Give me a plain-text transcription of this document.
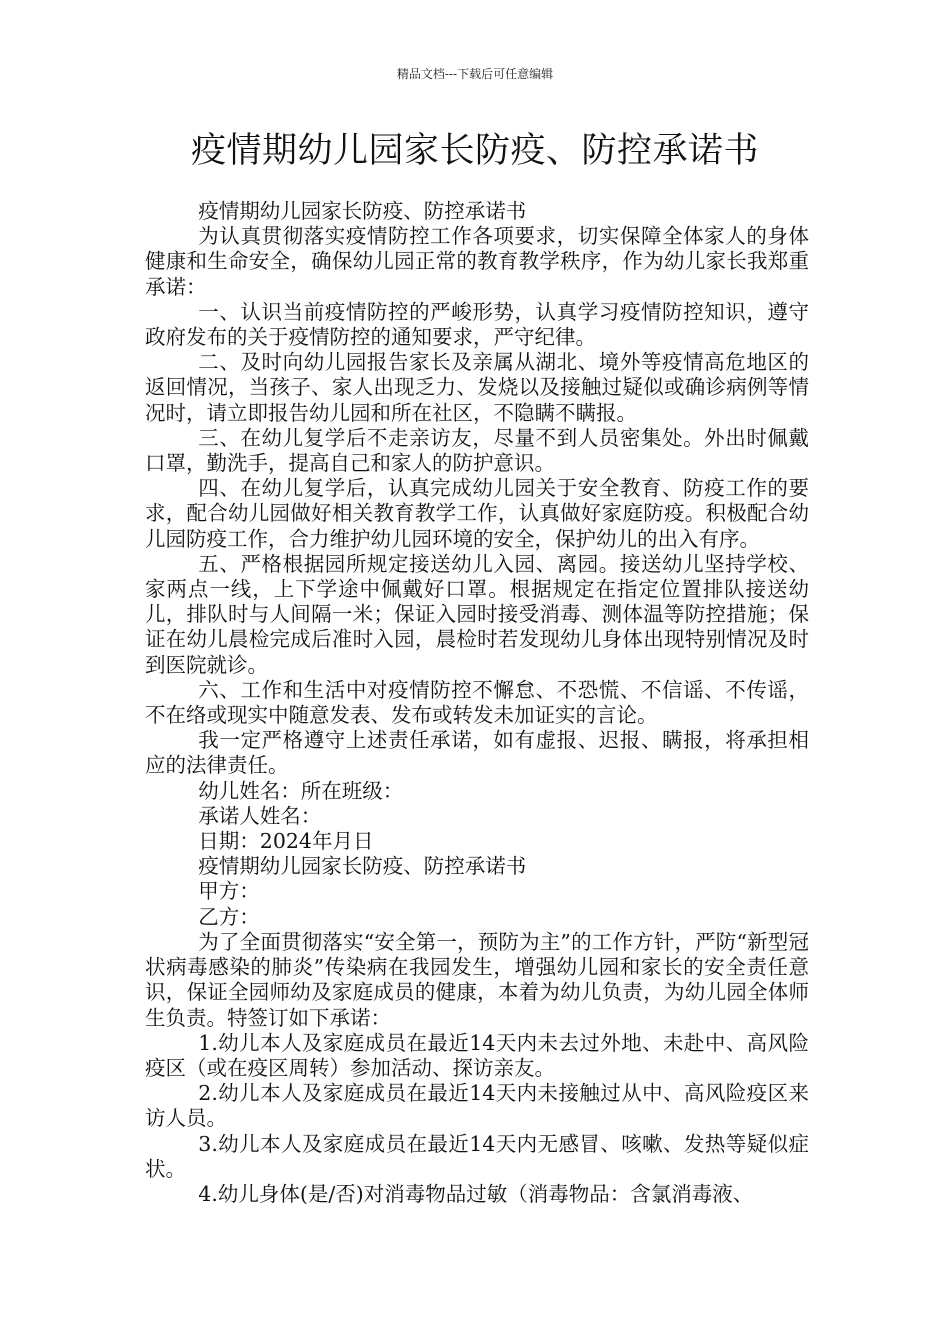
精品文档---下载后可任意编辑
疫情期幼儿园家长防疫、防控承诺书

疫情期幼儿园家长防疫、防控承诺书

为认真贯彻落实疫情防控工作各项要求，切实保障全体家人的身体健康和生命安全，确保幼儿园正常的教育教学秩序，作为幼儿家长我郑重承诺：

一、认识当前疫情防控的严峻形势，认真学习疫情防控知识，遵守政府发布的关于疫情防控的通知要求，严守纪律。

二、及时向幼儿园报告家长及亲属从湖北、境外等疫情高危地区的返回情况，当孩子、家人出现乏力、发烧以及接触过疑似或确诊病例等情况时，请立即报告幼儿园和所在社区，不隐瞒不瞒报。

三、在幼儿复学后不走亲访友，尽量不到人员密集处。外出时佩戴口罩，勤洗手，提高自己和家人的防护意识。

四、在幼儿复学后，认真完成幼儿园关于安全教育、防疫工作的要求，配合幼儿园做好相关教育教学工作，认真做好家庭防疫。积极配合幼儿园防疫工作，合力维护幼儿园环境的安全，保护幼儿的出入有序。

五、严格根据园所规定接送幼儿入园、离园。接送幼儿坚持学校、家两点一线，上下学途中佩戴好口罩。根据规定在指定位置排队接送幼儿，排队时与人间隔一米；保证入园时接受消毒、测体温等防控措施；保证在幼儿晨检完成后准时入园，晨检时若发现幼儿身体出现特别情况及时到医院就诊。

六、工作和生活中对疫情防控不懈怠、不恐慌、不信谣、不传谣，不在络或现实中随意发表、发布或转发未加证实的言论。

我一定严格遵守上述责任承诺，如有虚报、迟报、瞒报，将承担相应的法律责任。

幼儿姓名：所在班级：

承诺人姓名：

日期：2024年月日

疫情期幼儿园家长防疫、防控承诺书

甲方：

乙方：

为了全面贯彻落实“安全第一，预防为主”的工作方针，严防“新型冠状病毒感染的肺炎”传染病在我园发生，增强幼儿园和家长的安全责任意识，保证全园师幼及家庭成员的健康，本着为幼儿负责，为幼儿园全体师生负责。特签订如下承诺：

1.幼儿本人及家庭成员在最近14天内未去过外地、未赴中、高风险疫区（或在疫区周转）参加活动、探访亲友。

2.幼儿本人及家庭成员在最近14天内未接触过从中、高风险疫区来访人员。

3.幼儿本人及家庭成员在最近14天内无感冒、咳嗽、发热等疑似症状。

4.幼儿身体(是/否)对消毒物品过敏（消毒物品：含氯消毒液、
